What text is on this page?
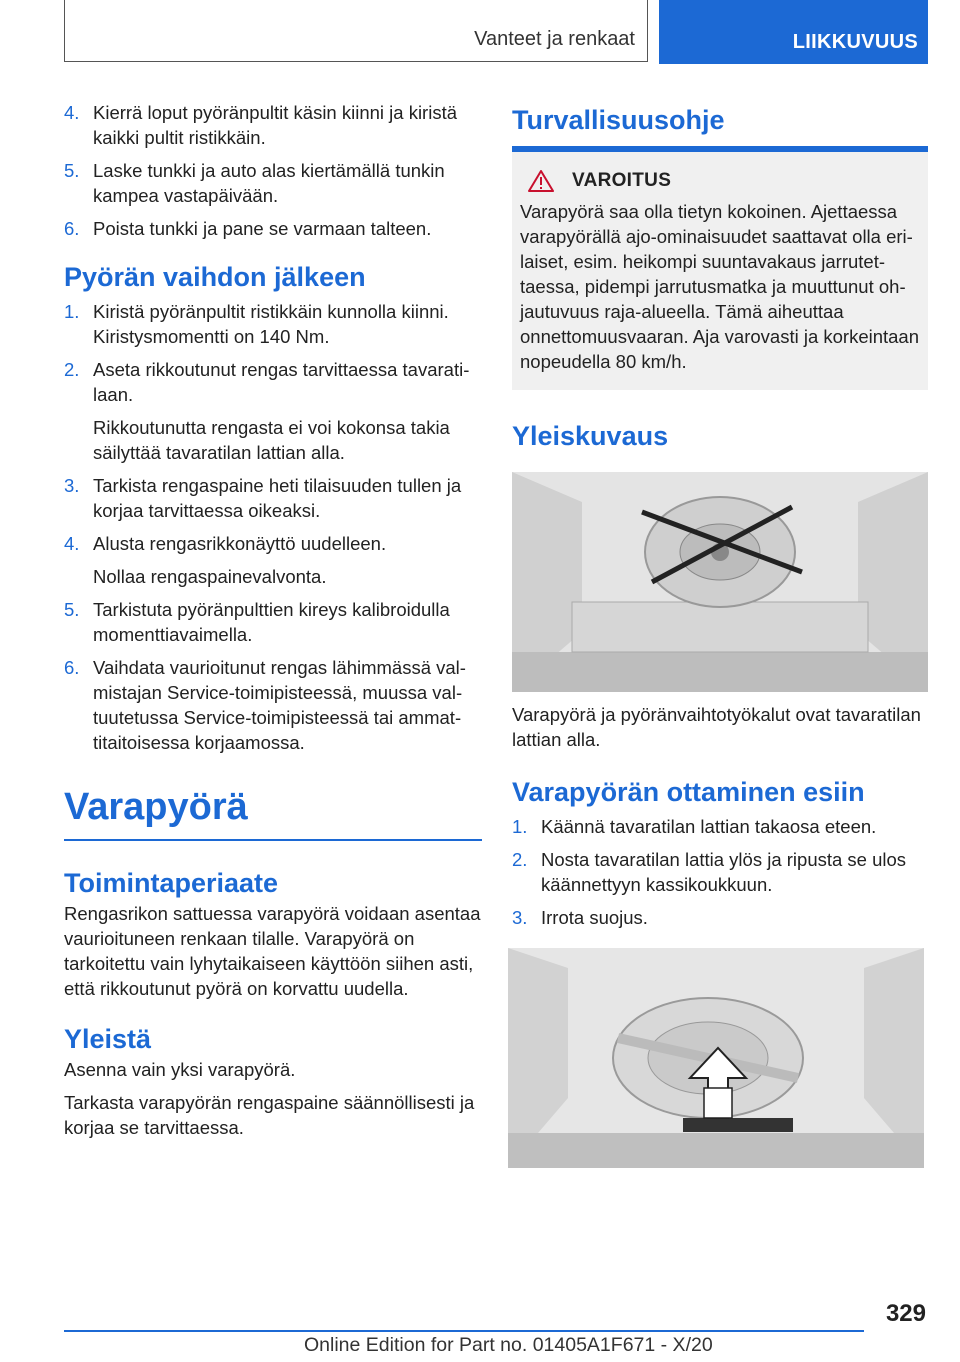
Vanteet ja renkaat	LIIKKUVUUS
4. Kierrä loput pyöränpultit käsin kiinni ja kiristä kaikki pultit ristikkäin.
5. Laske tunkki ja auto alas kiertämällä tunkin kampea vastapäivään.
6. Poista tunkki ja pane se varmaan talteen.
Pyörän vaihdon jälkeen
1. Kiristä pyöränpultit ristikkäin kunnolla kiinni. Kiristysmomentti on 140 Nm.
2. Aseta rikkoutunut rengas tarvittaessa tavaratilaan.
Rikkoutunutta rengasta ei voi kokonsa takia säilyttää tavaratilan lattian alla.
3. Tarkista rengaspaine heti tilaisuuden tullen ja korjaa tarvittaessa oikeaksi.
4. Alusta rengasrikkonäyttö uudelleen.
Nollaa rengaspainevalvonta.
5. Tarkistuta pyöränpulttien kireys kalibroidulla momenttiavaimella.
6. Vaihdata vaurioitunut rengas lähimmässä valmistajan Service-toimipisteessä, muussa valtuutetussa Service-toimipisteessä tai ammattitaitoisessa korjaamossa.
Varapyörä
Toimintaperiaate

Rengasrikon sattuessa varapyörä voidaan asentaa vaurioituneen renkaan tilalle. Varapyörä on tarkoitettu vain lyhytaikaiseen käyttöön siihen asti, että rikkoutunut pyörä on korvattu uudella.

Yleistä

Asenna vain yksi varapyörä.

Tarkasta varapyörän rengaspaine säännöllisesti ja korjaa se tarvittaessa.

Turvallisuusohje
VAROITUS
Varapyörä saa olla tietyn kokoinen. Ajettaessa varapyörällä ajo-ominaisuudet saattavat olla erilaiset, esim. heikompi suuntavakaus jarrutettaessa, pidempi jarrutusmatka ja muuttunut ohjautuvuus raja-alueella. Tämä aiheuttaa onnettomuusvaaran. Aja varovasti ja korkeintaan nopeudella 80 km/h.
Yleiskuvaus

Varapyörä ja pyöränvaihtotyökalut ovat tavaratilan lattian alla.

Varapyörän ottaminen esiin
1. Käännä tavaratilan lattian takaosa eteen.
2. Nosta tavaratilan lattia ylös ja ripusta se ulos käännettyyn kassikoukkuun.
3. Irrota suojus.
329
Online Edition for Part no. 01405A1F671 - X/20
